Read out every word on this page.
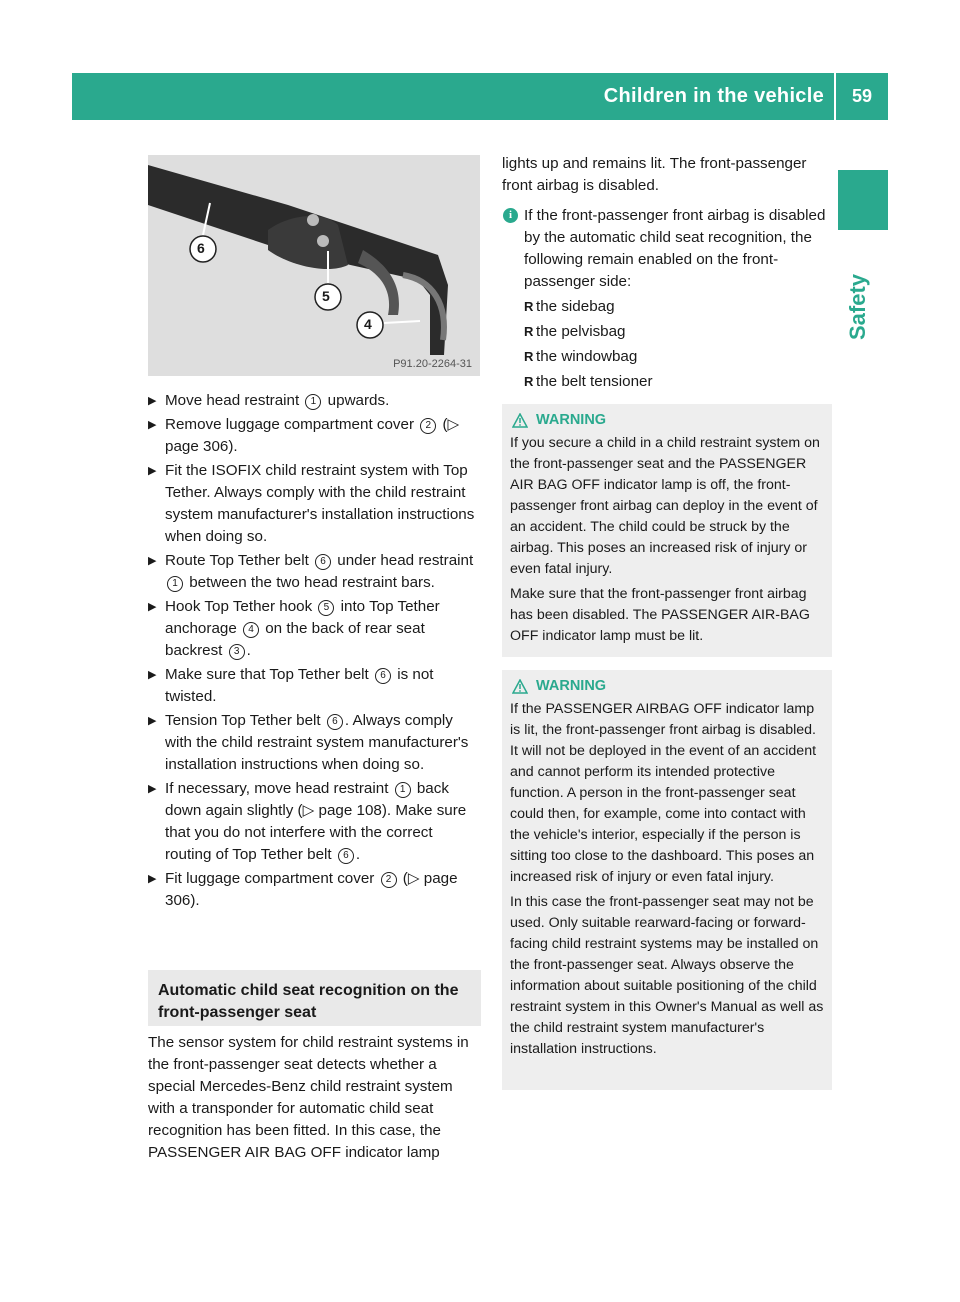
Children in the vehicle	59
Safety
6
5
4
P91.20-2264-31
▶ Move head restraint 1 upwards.
▶ Remove luggage compartment cover 2 (▷ page 306).
▶ Fit the ISOFIX child restraint system with Top Tether. Always comply with the child restraint system manufacturer's installation instructions when doing so.
▶ Route Top Tether belt 6 under head restraint 1 between the two head restraint bars.
▶ Hook Top Tether hook 5 into Top Tether anchorage 4 on the back of rear seat backrest 3 .
▶ Make sure that Top Tether belt 6 is not twisted.
▶ Tension Top Tether belt 6 . Always comply with the child restraint system manufacturer's installation instructions when doing so.
▶ If necessary, move head restraint 1 back down again slightly (▷ page 108). Make sure that you do not interfere with the correct routing of Top Tether belt 6 .
▶ Fit luggage compartment cover 2 (▷ page 306).
Automatic child seat recognition on the front-passenger seat
The sensor system for child restraint systems in the front-passenger seat detects whether a special Mercedes-Benz child restraint system with a transponder for automatic child seat recognition has been fitted. In this case, the PASSENGER AIR BAG OFF indicator lamp
lights up and remains lit. The front-passenger front airbag is disabled.
i If the front-passenger front airbag is disabled by the automatic child seat recognition, the following remain enabled on the front-passenger side:
R the sidebag
R the pelvisbag
R the windowbag
R the belt tensioner
WARNING

If you secure a child in a child restraint system on the front-passenger seat and the PASSENGER AIR BAG OFF indicator lamp is off, the front-passenger front airbag can deploy in the event of an accident. The child could be struck by the airbag. This poses an increased risk of injury or even fatal injury.

Make sure that the front-passenger front airbag has been disabled. The PASSENGER AIR-BAG OFF indicator lamp must be lit.

WARNING

If the PASSENGER AIRBAG OFF indicator lamp is lit, the front-passenger front airbag is disabled. It will not be deployed in the event of an accident and cannot perform its intended protective function. A person in the front-passenger seat could then, for example, come into contact with the vehicle's interior, especially if the person is sitting too close to the dashboard. This poses an increased risk of injury or even fatal injury.

In this case the front-passenger seat may not be used. Only suitable rearward-facing or forward-facing child restraint systems may be installed on the front-passenger seat. Always observe the information about suitable positioning of the child restraint system in this Owner's Manual as well as the child restraint system manufacturer's installation instructions.
